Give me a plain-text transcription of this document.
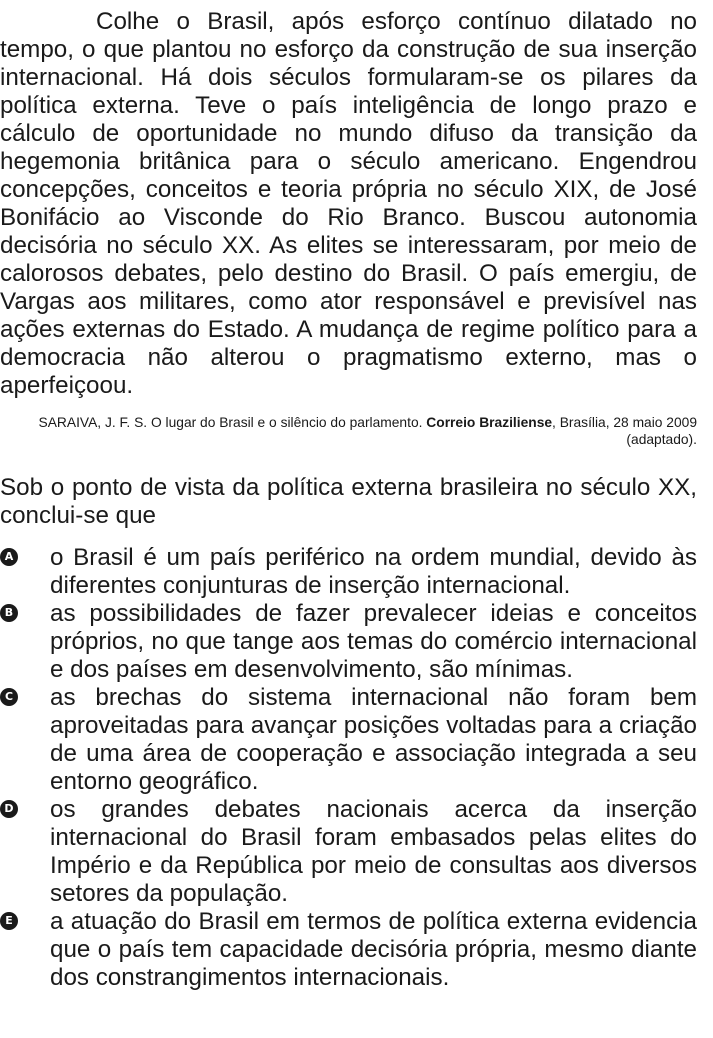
Colhe o Brasil, após esforço contínuo dilatado no tempo, o que plantou no esforço da construção de sua inserção internacional. Há dois séculos formularam-se os pilares da política externa. Teve o país inteligência de longo prazo e cálculo de oportunidade no mundo difuso da transição da hegemonia britânica para o século americano. Engendrou concepções, conceitos e teoria própria no século XIX, de José Bonifácio ao Visconde do Rio Branco. Buscou autonomia decisória no século XX. As elites se interessaram, por meio de calorosos debates, pelo destino do Brasil. O país emergiu, de Vargas aos militares, como ator responsável e previsível nas ações externas do Estado. A mudança de regime político para a democracia não alterou o pragmatismo externo, mas o aperfeiçoou.

SARAIVA, J. F. S. O lugar do Brasil e o silêncio do parlamento. Correio Braziliense, Brasília, 28 maio 2009 (adaptado).

Sob o ponto de vista da política externa brasileira no século XX, conclui-se que

A o Brasil é um país periférico na ordem mundial, devido às diferentes conjunturas de inserção internacional.
B as possibilidades de fazer prevalecer ideias e conceitos próprios, no que tange aos temas do comércio internacional e dos países em desenvolvimento, são mínimas.
C as brechas do sistema internacional não foram bem aproveitadas para avançar posições voltadas para a criação de uma área de cooperação e associação integrada a seu entorno geográfico.
D os grandes debates nacionais acerca da inserção internacional do Brasil foram embasados pelas elites do Império e da República por meio de consultas aos diversos setores da população.
E a atuação do Brasil em termos de política externa evidencia que o país tem capacidade decisória própria, mesmo diante dos constrangimentos internacionais.
